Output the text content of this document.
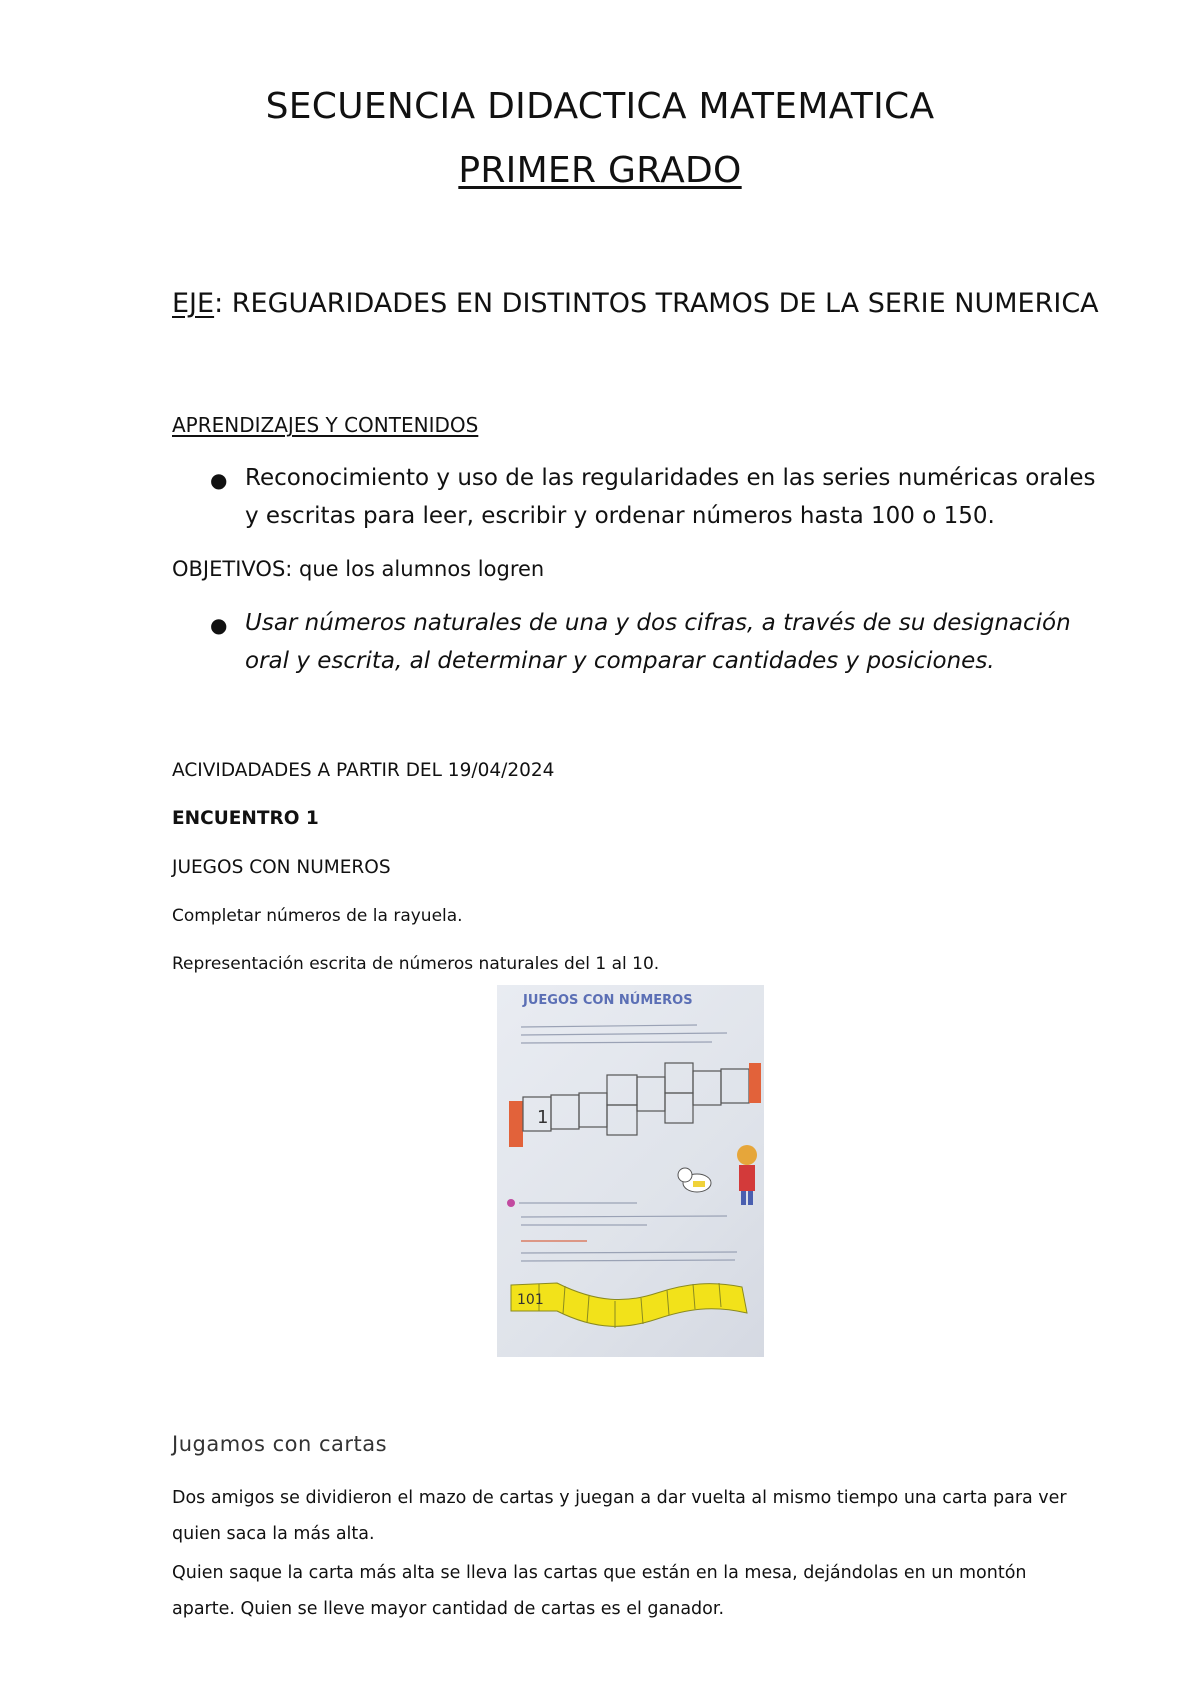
SECUENCIA DIDACTICA MATEMATICA
PRIMER GRADO
EJE: REGUARIDADES EN DISTINTOS TRAMOS DE LA SERIE NUMERICA
APRENDIZAJES Y CONTENIDOS
● Reconocimiento y uso de las regularidades en las series numéricas orales y escritas para leer, escribir y ordenar números hasta 100 o 150.
OBJETIVOS: que los alumnos logren
● Usar números naturales de una y dos cifras, a través de su designación oral y escrita, al determinar y comparar cantidades y posiciones.
ACIVIDADADES A PARTIR DEL 19/04/2024
ENCUENTRO 1
JUEGOS CON NUMEROS
Completar números de la rayuela.
Representación escrita de números naturales del 1 al 10.
JUEGOS CON NÚMEROS
1
101
Jugamos con cartas
Dos amigos se dividieron el mazo de cartas y juegan a dar vuelta al mismo tiempo una carta para ver quien saca la más alta.
Quien saque la carta más alta se lleva las cartas que están en la mesa, dejándolas en un montón aparte. Quien se lleve mayor cantidad de cartas es el ganador.
